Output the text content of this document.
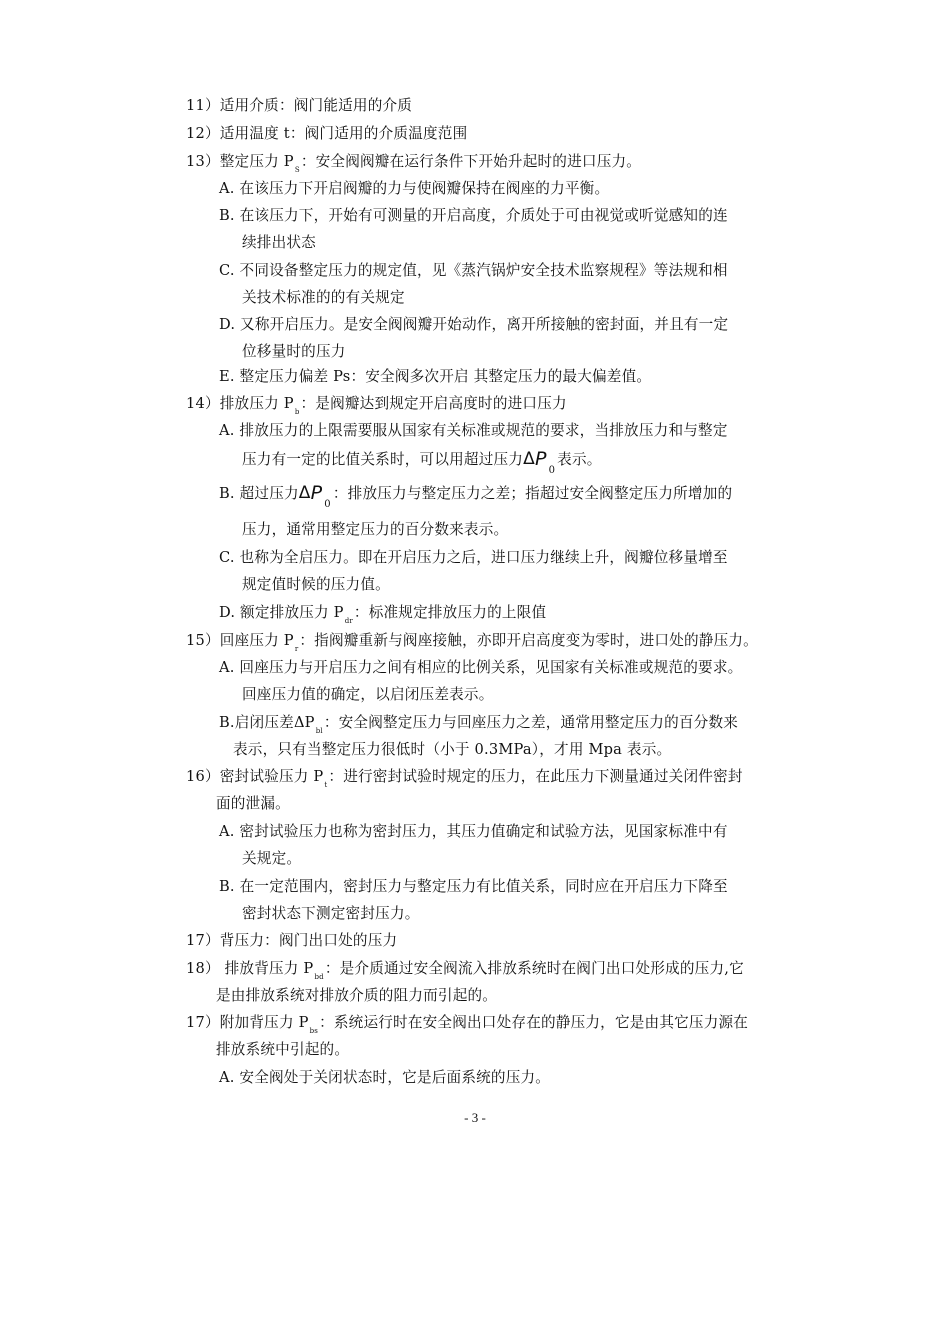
11）适用介质：阀门能适用的介质
12）适用温度 t：阀门适用的介质温度范围
13）整定压力 $P_S$：安全阀阀瓣在运行条件下开始升起时的进口压力。
A. 在该压力下开启阀瓣的力与使阀瓣保持在阀座的力平衡。
B. 在该压力下，开始有可测量的开启高度，介质处于可由视觉或听觉感知的连
续排出状态
C. 不同设备整定压力的规定值，见《蒸汽锅炉安全技术监察规程》等法规和相
关技术标准的的有关规定
D. 又称开启压力。是安全阀阀瓣开始动作，离开所接触的密封面，并且有一定
位移量时的压力
E. 整定压力偏差 Ps：安全阀多次开启 其整定压力的最大偏差值。
14）排放压力 $P_b$：是阀瓣达到规定开启高度时的进口压力
A. 排放压力的上限需要服从国家有关标准或规范的要求，当排放压力和与整定
压力有一定的比值关系时，可以用超过压力$\Delta P_0$表示。
B. 超过压力$\Delta P_0$：排放压力与整定压力之差；指超过安全阀整定压力所增加的
压力，通常用整定压力的百分数来表示。
C. 也称为全启压力。即在开启压力之后，进口压力继续上升，阀瓣位移量增至
规定值时候的压力值。
D. 额定排放压力 $P_{dr}$：标准规定排放压力的上限值
15）回座压力 $P_r$：指阀瓣重新与阀座接触，亦即开启高度变为零时，进口处的静压力。
A. 回座压力与开启压力之间有相应的比例关系，见国家有关标准或规范的要求。
回座压力值的确定，以启闭压差表示。
B.启闭压差$\Delta P_{bl}$：安全阀整定压力与回座压力之差，通常用整定压力的百分数来
表示，只有当整定压力很低时（小于 0.3MPa），才用 Mpa 表示。
16）密封试验压力 $P_t$：进行密封试验时规定的压力，在此压力下测量通过关闭件密封
面的泄漏。
A. 密封试验压力也称为密封压力，其压力值确定和试验方法，见国家标准中有
关规定。
B. 在一定范围内，密封压力与整定压力有比值关系，同时应在开启压力下降至
密封状态下测定密封压力。
17）背压力：阀门出口处的压力
18） 排放背压力 $P_{bd}$：是介质通过安全阀流入排放系统时在阀门出口处形成的压力,它
是由排放系统对排放介质的阻力而引起的。
17）附加背压力 $P_{bs}$：系统运行时在安全阀出口处存在的静压力，它是由其它压力源在
排放系统中引起的。
A. 安全阀处于关闭状态时，它是后面系统的压力。
- 3 -
